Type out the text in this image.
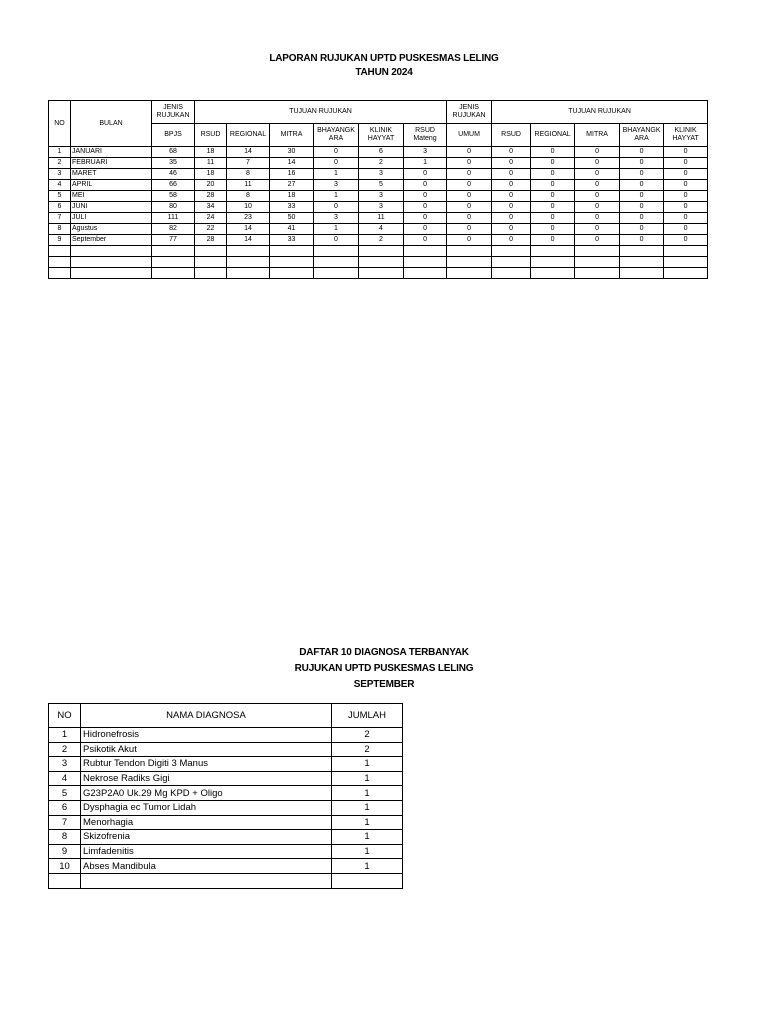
LAPORAN RUJUKAN UPTD PUSKESMAS LELING
TAHUN 2024
NO	BULAN	JENIS RUJUKAN	TUJUAN RUJUKAN						JENIS RUJUKAN	TUJUAN RUJUKAN				
		BPJS	RSUD	REGIONAL	MITRA	BHAYANGK ARA	KLINIK HAYYAT	RSUD Mateng	UMUM	RSUD	REGIONAL	MITRA	BHAYANGK ARA	KLINIK HAYYAT
1	JANUARI	68	18	14	30	0	6	3	0	0	0	0	0	0
2	FEBRUARI	35	11	7	14	0	2	1	0	0	0	0	0	0
3	MARET	46	18	8	16	1	3	0	0	0	0	0	0	0
4	APRIL	66	20	11	27	3	5	0	0	0	0	0	0	0
5	MEI	58	28	8	18	1	3	0	0	0	0	0	0	0
6	JUNI	80	34	10	33	0	3	0	0	0	0	0	0	0
7	JULI	111	24	23	50	3	11	0	0	0	0	0	0	0
8	Agustus	82	22	14	41	1	4	0	0	0	0	0	0	0
9	September	77	28	14	33	0	2	0	0	0	0	0	0	0

DAFTAR 10 DIAGNOSA TERBANYAK
RUJUKAN UPTD PUSKESMAS LELING
SEPTEMBER
NO	NAMA DIAGNOSA	JUMLAH
1	Hidronefrosis	2
2	Psikotik Akut	2
3	Rubtur Tendon Digiti 3 Manus	1
4	Nekrose Radiks Gigi	1
5	G23P2A0 Uk.29 Mg KPD + Oligo	1
6	Dysphagia ec Tumor Lidah	1
7	Menorhagia	1
8	Skizofrenia	1
9	Limfadenitis	1
10	Abses Mandibula	1
